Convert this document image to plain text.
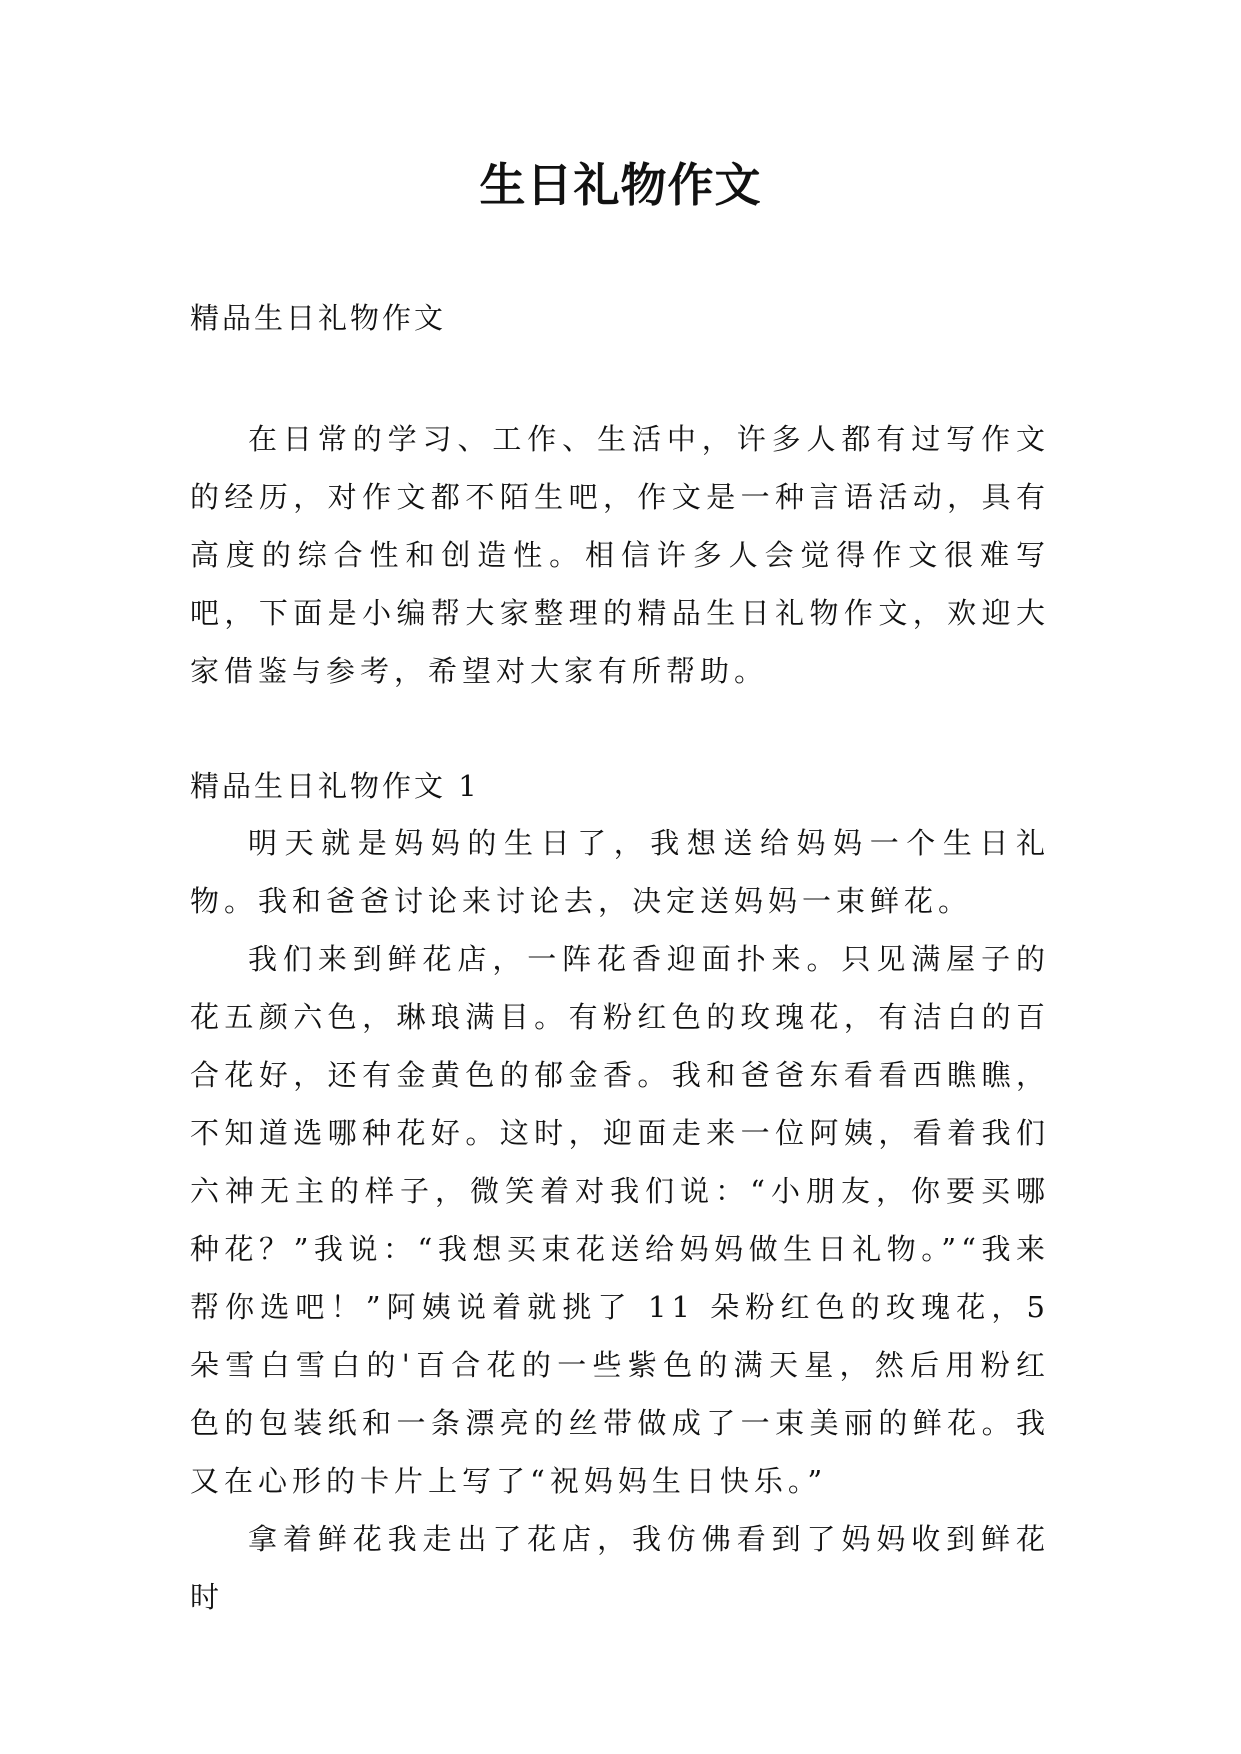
生日礼物作文

精品生日礼物作文

在日常的学习、工作、生活中，许多人都有过写作文的经历，对作文都不陌生吧，作文是一种言语活动，具有高度的综合性和创造性。相信许多人会觉得作文很难写吧，下面是小编帮大家整理的精品生日礼物作文，欢迎大家借鉴与参考，希望对大家有所帮助。

精品生日礼物作文 1

明天就是妈妈的生日了，我想送给妈妈一个生日礼物。我和爸爸讨论来讨论去，决定送妈妈一束鲜花。

我们来到鲜花店，一阵花香迎面扑来。只见满屋子的花五颜六色，琳琅满目。有粉红色的玫瑰花，有洁白的百合花好，还有金黄色的郁金香。我和爸爸东看看西瞧瞧，不知道选哪种花好。这时，迎面走来一位阿姨，看着我们六神无主的样子，微笑着对我们说：“小朋友，你要买哪种花？”我说：“我想买束花送给妈妈做生日礼物。”“我来帮你选吧！”阿姨说着就挑了 11 朵粉红色的玫瑰花，5 朵雪白雪白的'百合花的一些紫色的满天星，然后用粉红色的包装纸和一条漂亮的丝带做成了一束美丽的鲜花。我又在心形的卡片上写了“祝妈妈生日快乐。”

拿着鲜花我走出了花店，我仿佛看到了妈妈收到鲜花时
